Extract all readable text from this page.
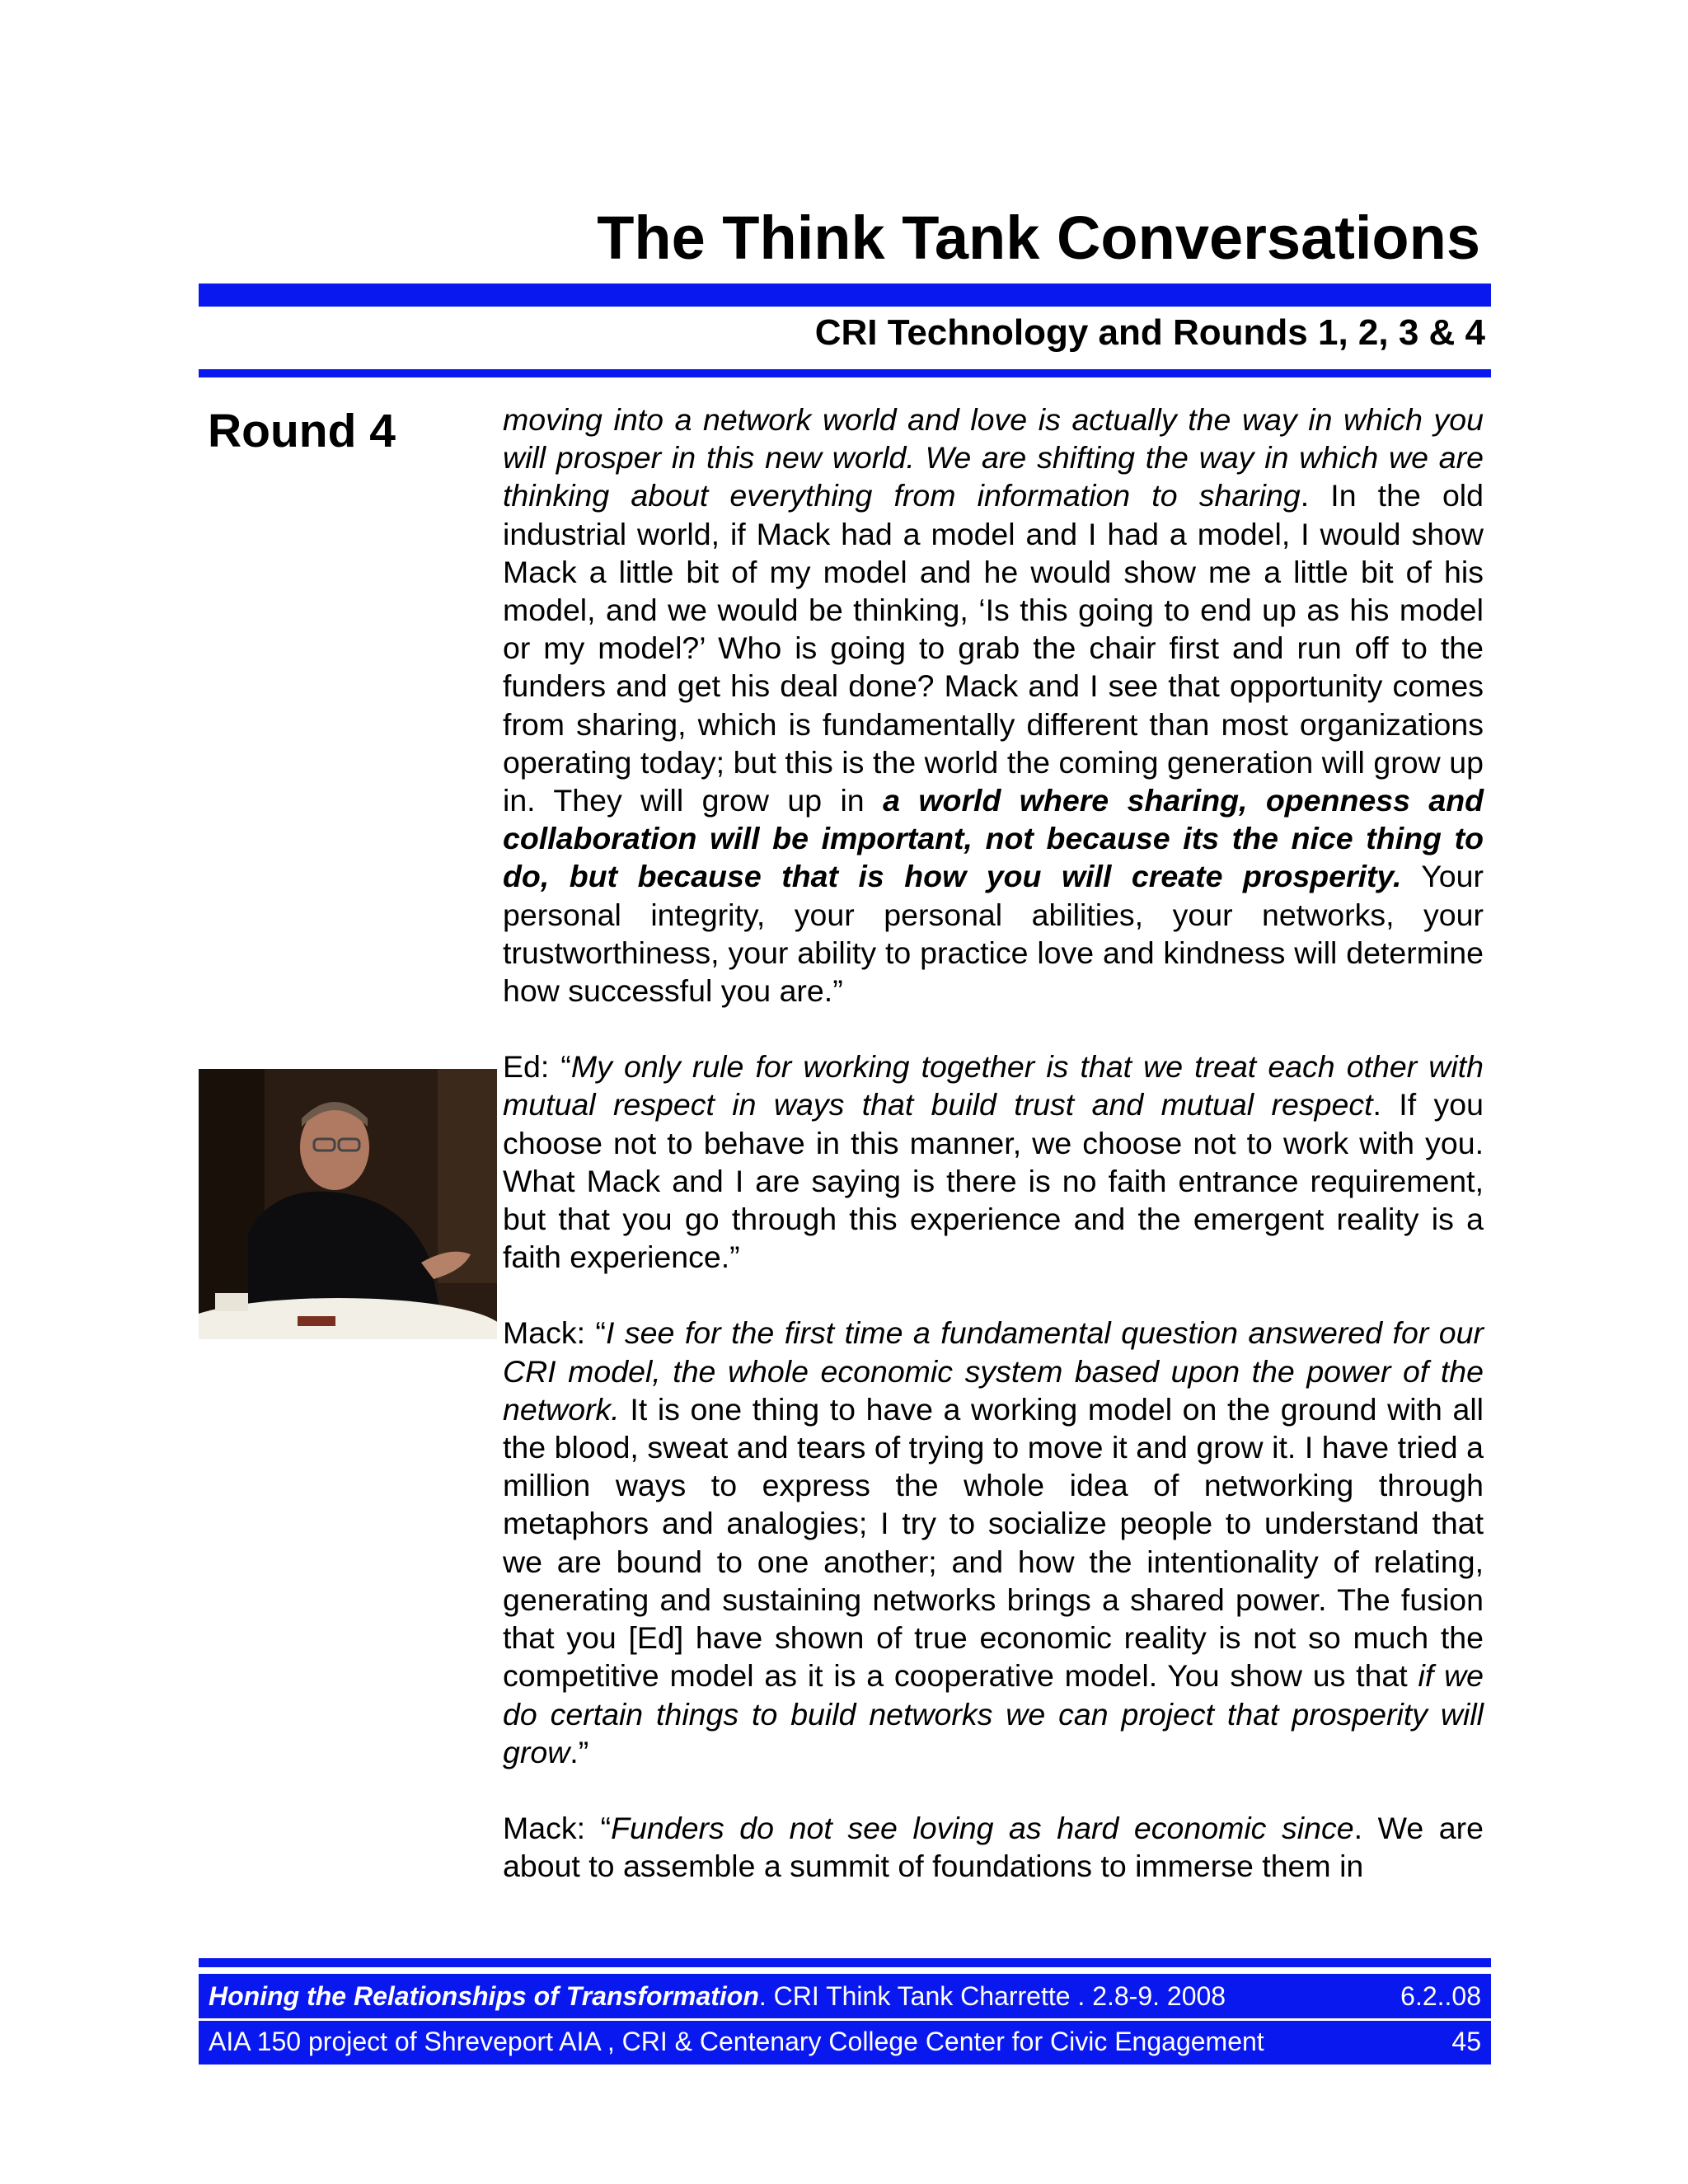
The Think Tank Conversations
CRI Technology and Rounds 1, 2, 3 & 4
Round 4	moving into a network world and love is actually the way in which you will prosper in this new world. We are shifting the way in which we are thinking about everything from information to sharing. In the old industrial world, if Mack had a model and I had a model, I would show Mack a little bit of my model and he would show me a little bit of his model, and we would be thinking, ‘Is this going to end up as his model or my model?’ Who is going to grab the chair first and run off to the funders and get his deal done? Mack and I see that opportunity comes from sharing, which is fundamentally different than most organizations operating today; but this is the world the coming generation will grow up in. They will grow up in a world where sharing, openness and collaboration will be important, not because its the nice thing to do, but because that is how you will create prosperity. Your personal integrity, your personal abilities, your networks, your trustworthiness, your ability to practice love and kindness will determine how successful you are.”

Ed: “My only rule for working together is that we treat each other with mutual respect in ways that build trust and mutual respect. If you choose not to behave in this manner, we choose not to work with you. What Mack and I are saying is there is no faith entrance requirement, but that you go through this experience and the emergent reality is a faith experience.”

Mack: “I see for the first time a fundamental question answered for our CRI model, the whole economic system based upon the power of the network. It is one thing to have a working model on the ground with all the blood, sweat and tears of trying to move it and grow it. I have tried a million ways to express the whole idea of networking through metaphors and analogies; I try to socialize people to understand that we are bound to one another; and how the intentionality of relating, generating and sustaining networks brings a shared power. The fusion that you [Ed] have shown of true economic reality is not so much the competitive model as it is a cooperative model. You show us that if we do certain things to build networks we can project that prosperity will grow.”

Mack: “Funders do not see loving as hard economic since. We are about to assemble a summit of foundations to immerse them in

Honing the Relationships of Transformation. CRI Think Tank Charrette . 2.8-9. 2008	6.2..08
AIA 150 project of Shreveport AIA , CRI & Centenary College Center for Civic Engagement	45
